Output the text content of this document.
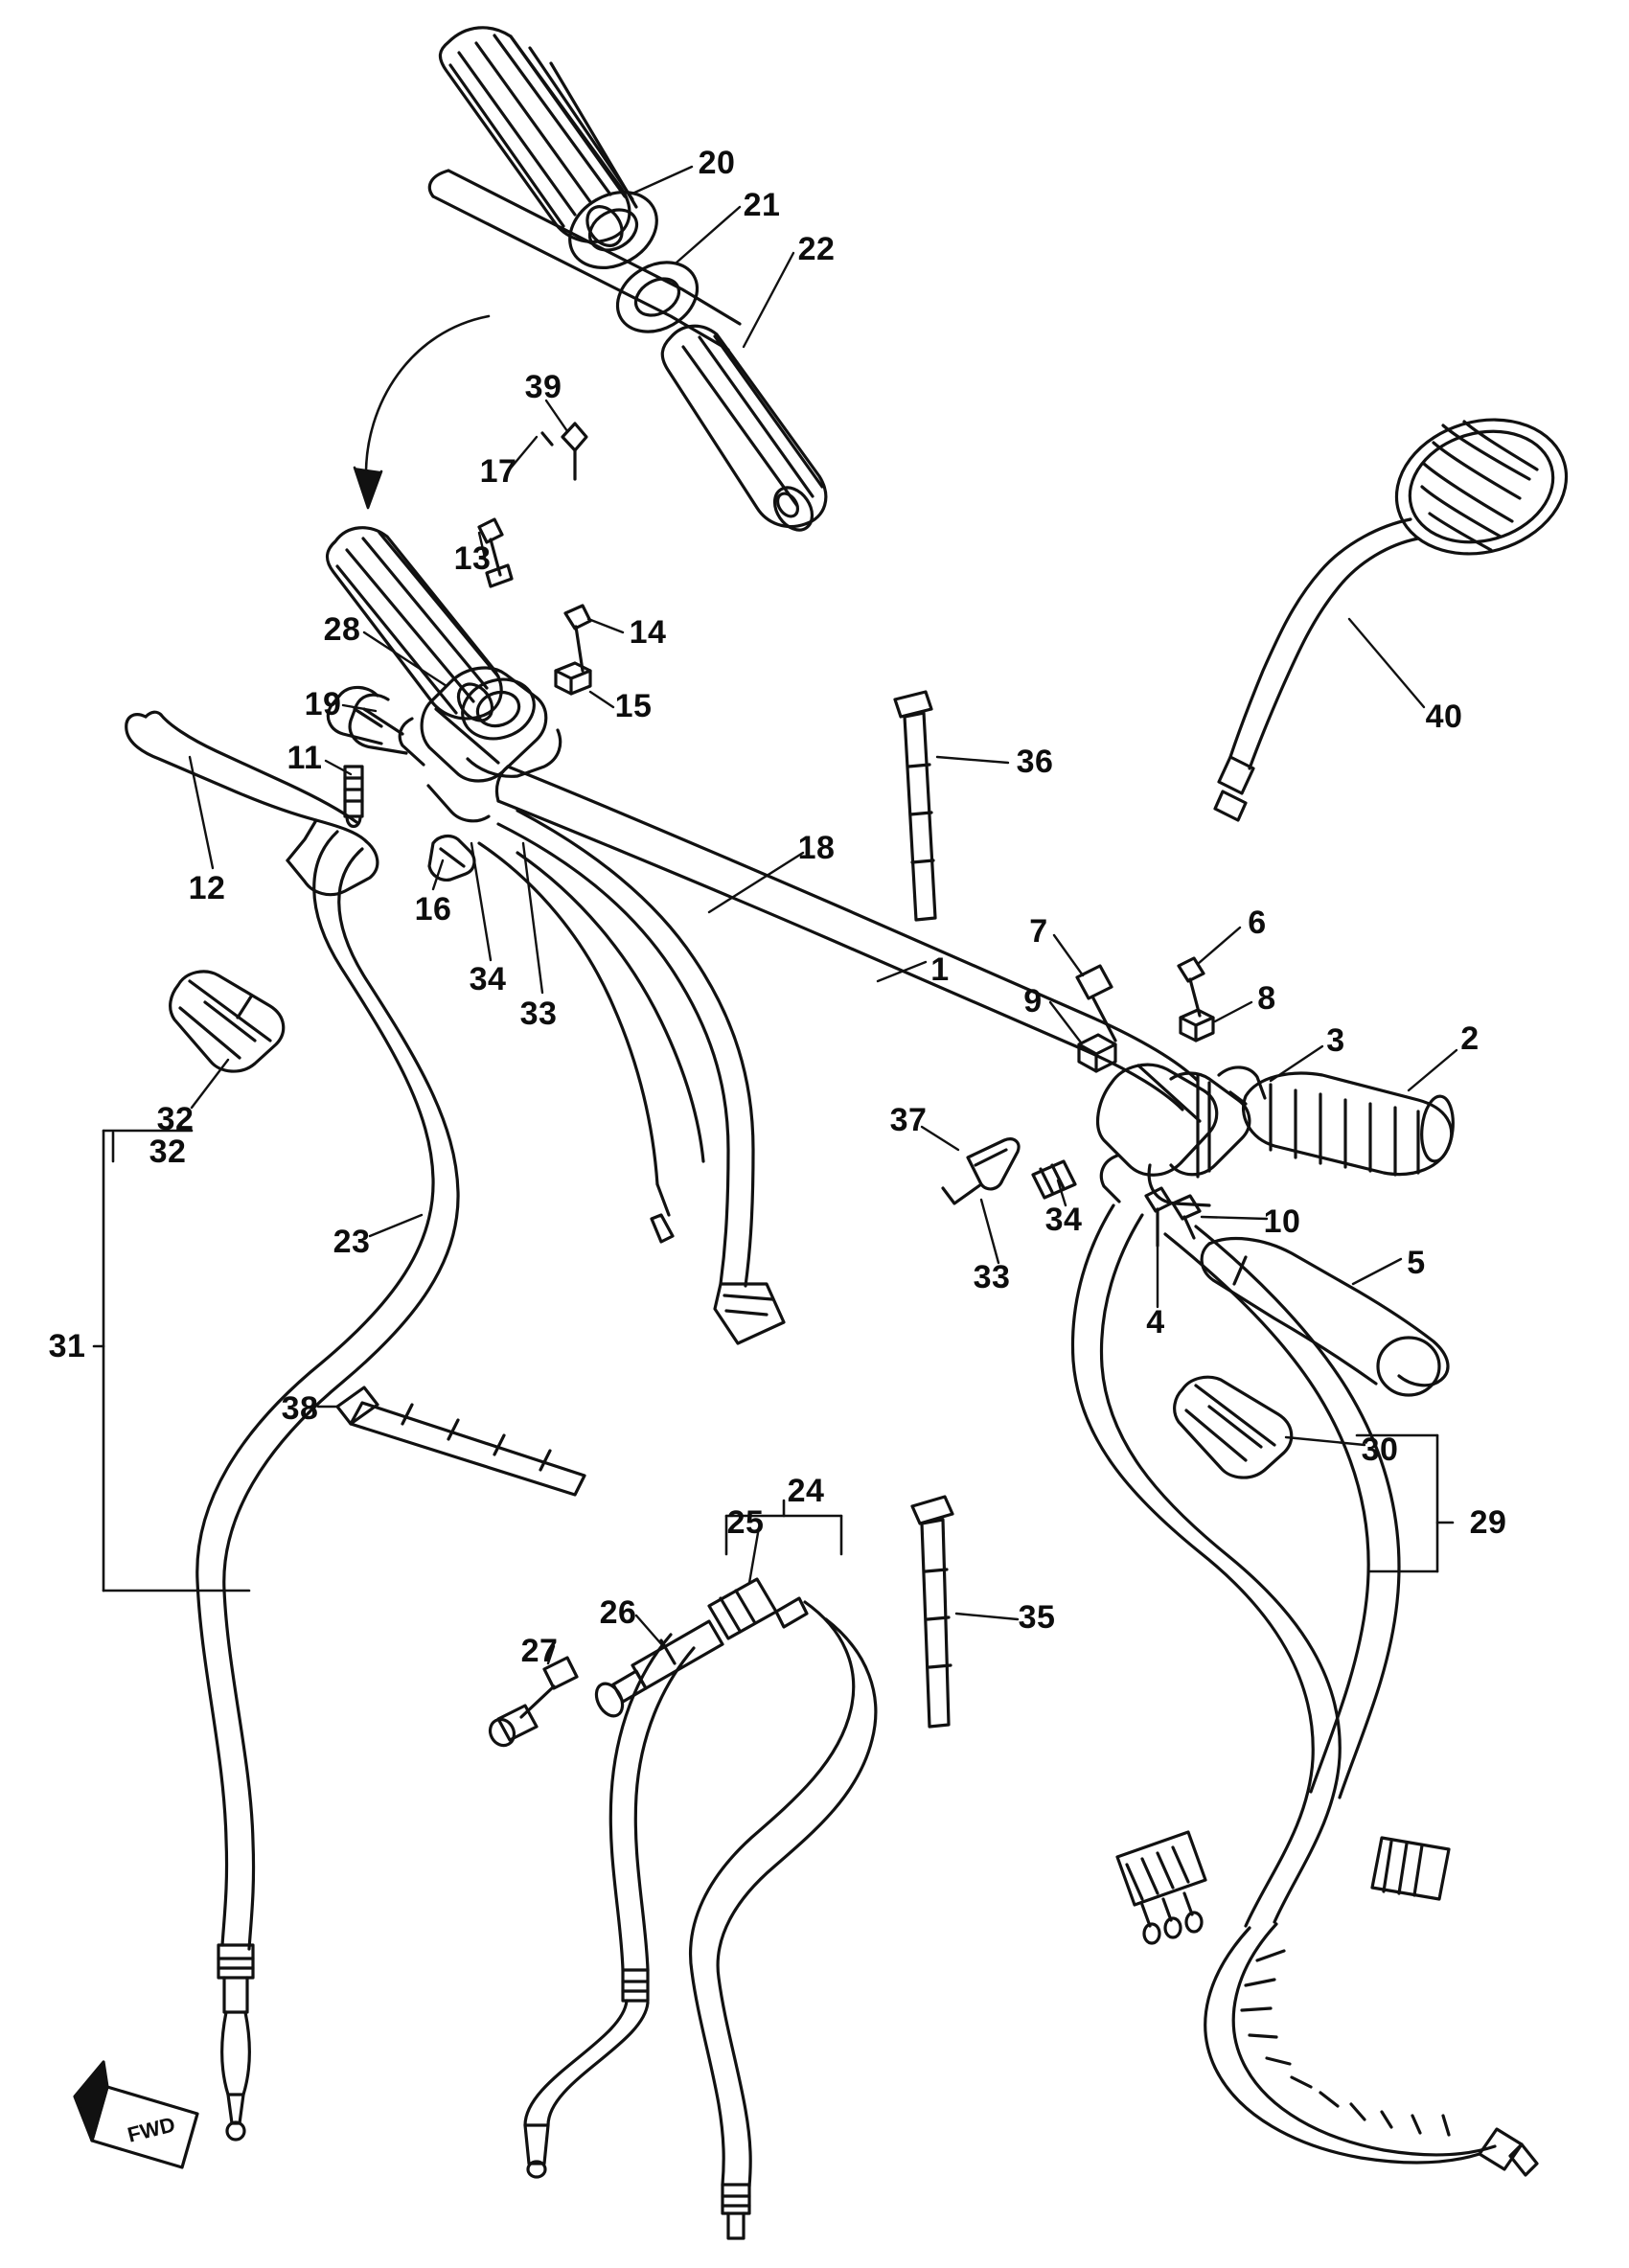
20
21
22
39
17
13
14
15
28
19
11
12
16
34
33
18
36
40
1
7	6
9	8
3	2
37
33
34
4
10
5
30
29
32
32
23
31
38
24
25
26
27
35
FWD
